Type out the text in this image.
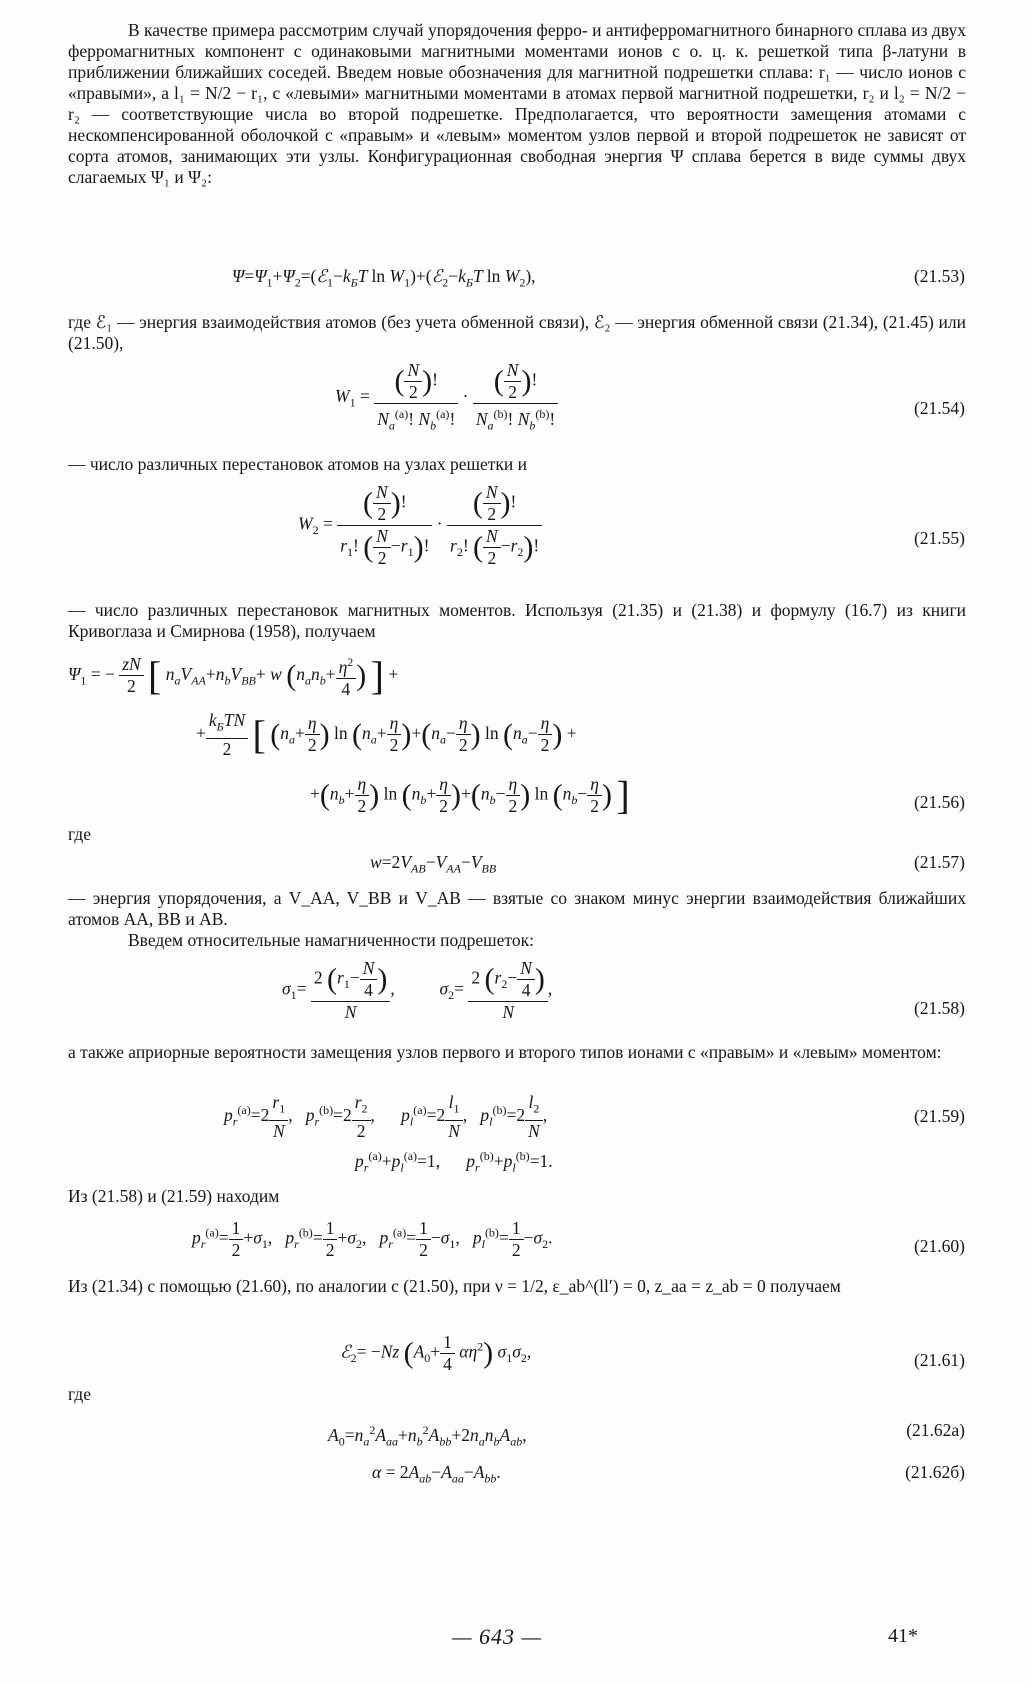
В качестве примера рассмотрим случай упорядочения ферро- и антиферромагнитного бинарного сплава из двух ферромагнитных компонент с одинаковыми магнитными моментами ионов с о. ц. к. решеткой типа β-латуни в приближении ближайших соседей. Введем новые обозначения для магнитной подрешетки сплава: r₁ — число ионов с «правыми», а l₁ = N/2 − r₁, с «левыми» магнитными моментами в атомах первой магнитной подрешетки, r₂ и l₂ = N/2 − r₂ — соответствующие числа во второй подрешетке. Предполагается, что вероятности замещения атомами с нескомпенсированной оболочкой с «правым» и «левым» моментом узлов первой и второй подрешеток не зависят от сорта атомов, занимающих эти узлы. Конфигурационная свободная энергия Ψ сплава берется в виде суммы двух слагаемых Ψ₁ и Ψ₂:

$\Psi=\Psi_1+\Psi_2=(ℰ_1-k_БT$ $\ln W_1)+(ℰ_2-k_БT$ $\ln W_2$),	(21.53)

где ℰ₁ — энергия взаимодействия атомов (без учета обменной связи), ℰ₂ — энергия обменной связи (21.34), (21.45) или (21.50),

$W_1 = \frac{( \frac{N}{2} )!}{N_a^{(a)}! N_b^{(a)}!} \cdot \frac{( \frac{N}{2} )!}{N_a^{(b)}! N_b^{(b)}!}$	(21.54)

— число различных перестановок атомов на узлах решетки и

$W_2 = \frac{( \frac{N}{2} )!}{r_1! ( \frac{N}{2} -r_1)!} \cdot \frac{( \frac{N}{2} )!}{r_2! ( \frac{N}{2} -r_2)!}$	(21.55)

— число различных перестановок магнитных моментов. Используя (21.35) и (21.38) и формулу (16.7) из книги Кривоглаза и Смирнова (1958), получаем

$\Psi_1$ = − $\frac{zN}{2}$ [ $n_aV_{AA}+n_bV_{BB}+ w$ ($n_an_b+ \frac{\eta^2}{4}$ ) ] +
+ $\frac{k_БTN}{2}$ [ ($n_a+ \frac{\eta}{2}$ ) $\ln (n_a+ \frac{\eta}{2} )+(n_a- \frac{\eta}{2}$ ) $\ln (n_a- \frac{\eta}{2}$ ) +
$+(n_b+ \frac{\eta}{2}$ ) $\ln (n_b+ \frac{\eta}{2} )+(n_b- \frac{\eta}{2}$ ) $\ln (n_b- \frac{\eta}{2}$ ) ]	(21.56)

где

$w=2V_{AB}-V_{AA}-V_{BB}$	(21.57)

— энергия упорядочения, а V_AA, V_BB и V_AB — взятые со знаком минус энергии взаимодействия ближайших атомов AA, BB и AB.

Введем относительные намагниченности подрешеток:

$\sigma_1= \frac{2 (r_1- \frac{N}{4} )}{N}$ ,  $\sigma_2= \frac{2 (r_2- \frac{N}{4} )}{N}$ ,
(21.58)

а также априорные вероятности замещения узлов первого и второго типов ионами с «правым» и «левым» моментом:

$p_r^{(a)}=2 \frac{r_1}{N}$ ,   $p_r^{(b)}=2 \frac{r_2}{2}$ ,      $p_l^{(a)}=2 \frac{l_1}{N}$ ,   $p_l^{(b)}=2 \frac{l_2}{N}$ ,
$p_r^{(a)}+p_l^{(a)}=1$,      $p_r^{(b)}+p_l^{(b)}=1$.
(21.59)

Из (21.58) и (21.59) находим

$p_r^{(a)}= \frac{1}{2} +\sigma_1$,   $p_r^{(b)}= \frac{1}{2} +\sigma_2$,   $p_r^{(a)}= \frac{1}{2} -\sigma_1$,   $p_l^{(b)}= \frac{1}{2} -\sigma_2$.	(21.60)

Из (21.34) с помощью (21.60), по аналогии с (21.50), при ν = 1/2, ε_ab^(ll′) = 0, z_aa = z_ab = 0 получаем

ℰ$_2$= −Nz $(A_0+ \frac{1}{4} \alpha\eta^2)$ $\sigma_1\sigma_2$,	(21.61)

где

$A_0=n_a^2A_{aa}+n_b^2A_{bb}+2n_an_bA_{ab}$,	(21.62а)
$\alpha = 2A_{ab}-A_{aa}-A_{bb}$.	(21.62б)
— 643 —	41*
